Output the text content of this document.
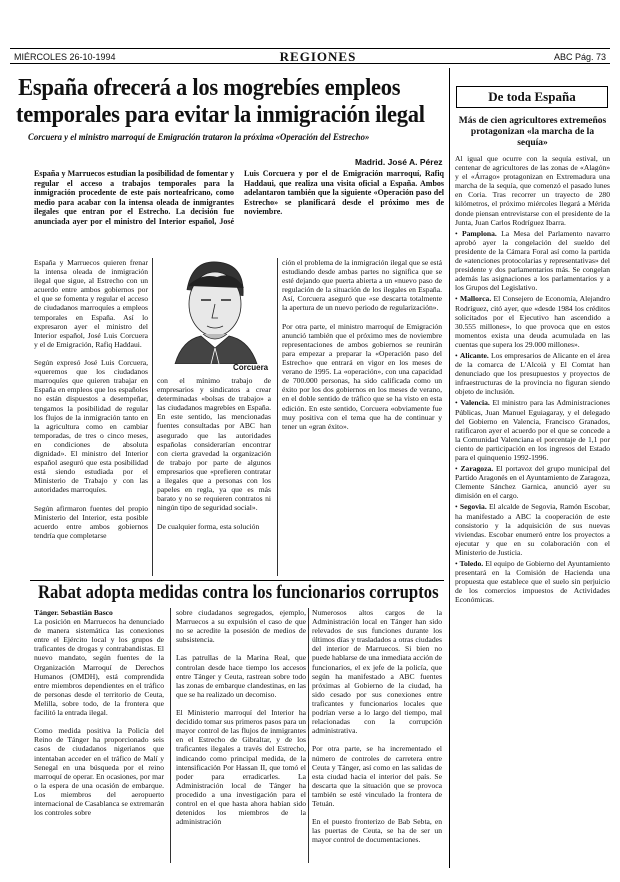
MIÉRCOLES 26-10-1994	REGIONES	ABC Pág. 73
España ofrecerá a los mogrebíes empleos
temporales para evitar la inmigración ilegal
Corcuera y el ministro marroquí de Emigración trataron la próxima «Operación del Estrecho»
Madrid. José A. Pérez
España y Marruecos estudian la posibilidad de fomentar y regular el acceso a trabajos temporales para la inmigración procedente de este país norteafricano, como medio para acabar con la intensa oleada de inmigrantes ilegales que entran por el Estrecho. La decisión fue anunciada ayer por el ministro del Interior español, José Luis Corcuera y por el de Emigración marroquí, Rafiq Haddaui, que realiza una visita oficial a España. Ambos adelantaron también que la siguiente «Operación paso del Estrecho» se planificará desde el próximo mes de noviembre.
España y Marruecos quieren frenar la intensa oleada de inmigración ilegal que sigue, al Estrecho con un acuerdo entre ambos gobiernos por el que se fomenta y regular el acceso de ciudadanos marroquíes a empleos temporales en España. Así lo expresaron ayer el ministro del Interior español, José Luis Corcuera y el de Emigración, Rafiq Haddaui.

Según expresó José Luis Corcuera, «queremos que los ciudadanos marroquíes que quieren trabajar en España en empleos que los españoles no están dispuestos a desempeñar, tengamos la posibilidad de regular los flujos de la inmigración tanto en la agricultura como en cambiar temporadas, de tres o cinco meses, en condiciones de absoluta dignidad». El ministro del Interior español aseguró que esta posibilidad está siendo estudiada por el Ministerio de Trabajo y con las autoridades marroquíes.

Según afirmaron fuentes del propio Ministerio del Interior, esta posible acuerdo entre ambos gobiernos tendría que completarse
Corcuera
con el mínimo trabajo de empresarios y sindicatos a crear determinadas «bolsas de trabajo» a las ciudadanos magrebíes en España. En este sentido, las mencionadas fuentes consultadas por ABC han asegurado que las autoridades españolas considerarían encontrar con cierta gravedad la organización de trabajo por parte de algunos empresarios que «prefieren contratar a ilegales que a personas con los papeles en regla, ya que es más barato y no se requieren contratos ni ningún tipo de seguridad social».

De cualquier forma, esta solución
ción el problema de la inmigración ilegal que se está estudiando desde ambas partes no significa que se esté dejando que puerta abierta a un «nuevo paso de regulación de la situación de los ilegales en España. Así, Corcuera aseguró que «se descarta totalmente la apertura de un nuevo periodo de regularización».

Por otra parte, el ministro marroquí de Emigración anunció también que el próximo mes de noviembre representaciones de ambos gobiernos se reunirán para empezar a preparar la «Operación paso del Estrecho» que entrará en vigor en los meses de verano de 1995. La «operación», con una capacidad de 700.000 personas, ha sido calificada como un éxito por los dos gobiernos en los meses de verano, en el doble sentido de tráfico que se ha visto en esta edición. En este sentido, Corcuera «obviamente fue muy positiva con el tema que ha de continuar y tener un «gran éxito».
Rabat adopta medidas contra los funcionarios corruptos
Tánger. Sebastián Basco
La posición en Marruecos ha denunciado de manera sistemática las conexiones entre el Ejército local y los grupos de traficantes de drogas y contrabandistas. El nuevo mandato, según fuentes de la Organización Marroquí de Derechos Humanos (OMDH), está comprendida entre miembros dependientes en el tráfico de personas desde el territorio de Ceuta, Melilla, sobre todo, de la frontera que facilitó la entrada ilegal.

Como medida positiva la Policía del Reino de Tánger ha proporcionado seis casos de ciudadanos nigerianos que intentaban acceder en el tráfico de Malí y Senegal en una búsqueda por el reino marroquí de operar. En ocasiones, por mar o la espera de una ocasión de embarque. Los miembros del aeropuerto internacional de Casablanca se extremarán los controles sobre
sobre ciudadanos segregados, ejemplo, Marruecos a su expulsión el caso de que no se acredite la posesión de medios de subsistencia.

Las patrullas de la Marina Real, que controlan desde hace tiempo los accesos entre Tánger y Ceuta, rastrean sobre todo las zonas de embarque clandestinas, en las que se ha realizado un decomiso.

El Ministerio marroquí del Interior ha decidido tomar sus primeros pasos para un mayor control de las flujos de inmigrantes en el Estrecho de Gibraltar, y de los traficantes ilegales a través del Estrecho, indicando como principal medida, de la intensificación Por Hassan II, que tomó el poder para erradicarles. La Administración local de Tánger ha procedido a una investigación para el control en el que hasta ahora habían sido detenidos los miembros de la administración
Numerosos altos cargos de la Administración local en Tánger han sido relevados de sus funciones durante los últimos días y trasladados a otras ciudades del interior de Marruecos. Si bien no puede hablarse de una inmediata acción de funcionarios, el ex jefe de la policía, que según ha manifestado a ABC fuentes próximas al Gobierno de la ciudad, ha sido cesado por sus conexiones entre traficantes y funcionarios locales que podrían verse a lo largo del tiempo, mal relacionadas con la corrupción administrativa.

Por otra parte, se ha incrementado el número de controles de carretera entre Ceuta y Tánger, así como en las salidas de esta ciudad hacia el interior del país. Se descarta que la situación que se provoca también se esté vinculado la frontera de Tetuán.

En el puesto fronterizo de Bab Sebta, en las puertas de Ceuta, se ha de ser un mayor control de documentaciones.
De toda España
Más de cien agricultores extremeños protagonizan «la marcha de la sequía»
Al igual que ocurre con la sequía estival, un centenar de agricultores de las zonas de «Alagón» y el «Árrago» protagonizan en Extremadura una marcha de la sequía, que comenzó el pasado lunes en Coria. Tras recorrer un trayecto de 280 kilómetros, el próximo miércoles llegará a Mérida donde piensan entrevistarse con el presidente de la Junta, Juan Carlos Rodríguez Ibarra.
• Pamplona. La Mesa del Parlamento navarro aprobó ayer la congelación del sueldo del presidente de la Cámara Foral así como la partida de «atenciones protocolarias y representativas» del presidente y dos parlamentarios más. Se congelan además las asignaciones a los parlamentarios y a los Grupos del Legislativo.
• Mallorca. El Consejero de Economía, Alejandro Rodríguez, citó ayer, que «desde 1984 los créditos solicitados por el Ejecutivo han ascendido a 30.555 millones», lo que provoca que en estos momentos exista una deuda acumulada en las cuentas que supera los 29.000 millones».
• Alicante. Los empresarios de Alicante en el área de la comarca de L'Alcoià y El Comtat han denunciado que los presupuestos y proyectos de infraestructuras de la provincia no figuran siendo objeto de inclusión.
• Valencia. El ministro para las Administraciones Públicas, Juan Manuel Eguiagaray, y el delegado del Gobierno en Valencia, Francisco Granados, ratificaron ayer el acuerdo por el que se concede a la Comunidad Valenciana el porcentaje de 1,1 por ciento de participación en los ingresos del Estado para el quinquenio 1992-1996.
• Zaragoza. El portavoz del grupo municipal del Partido Aragonés en el Ayuntamiento de Zaragoza, Clemente Sánchez Garnica, anunció ayer su dimisión en el cargo.
• Segovia. El alcalde de Segovia, Ramón Escobar, ha manifestado a ABC la cooperación de este consistorio y la adquisición de sus nuevas viviendas. Escobar enumeró entre los proyectos a ejecutar y que en su colaboración con el Ministerio de Justicia.
• Toledo. El equipo de Gobierno del Ayuntamiento presentará en la Comisión de Hacienda una propuesta que establece que el suelo sin perjuicio de los comercios impuestos de Actividades Económicas.
